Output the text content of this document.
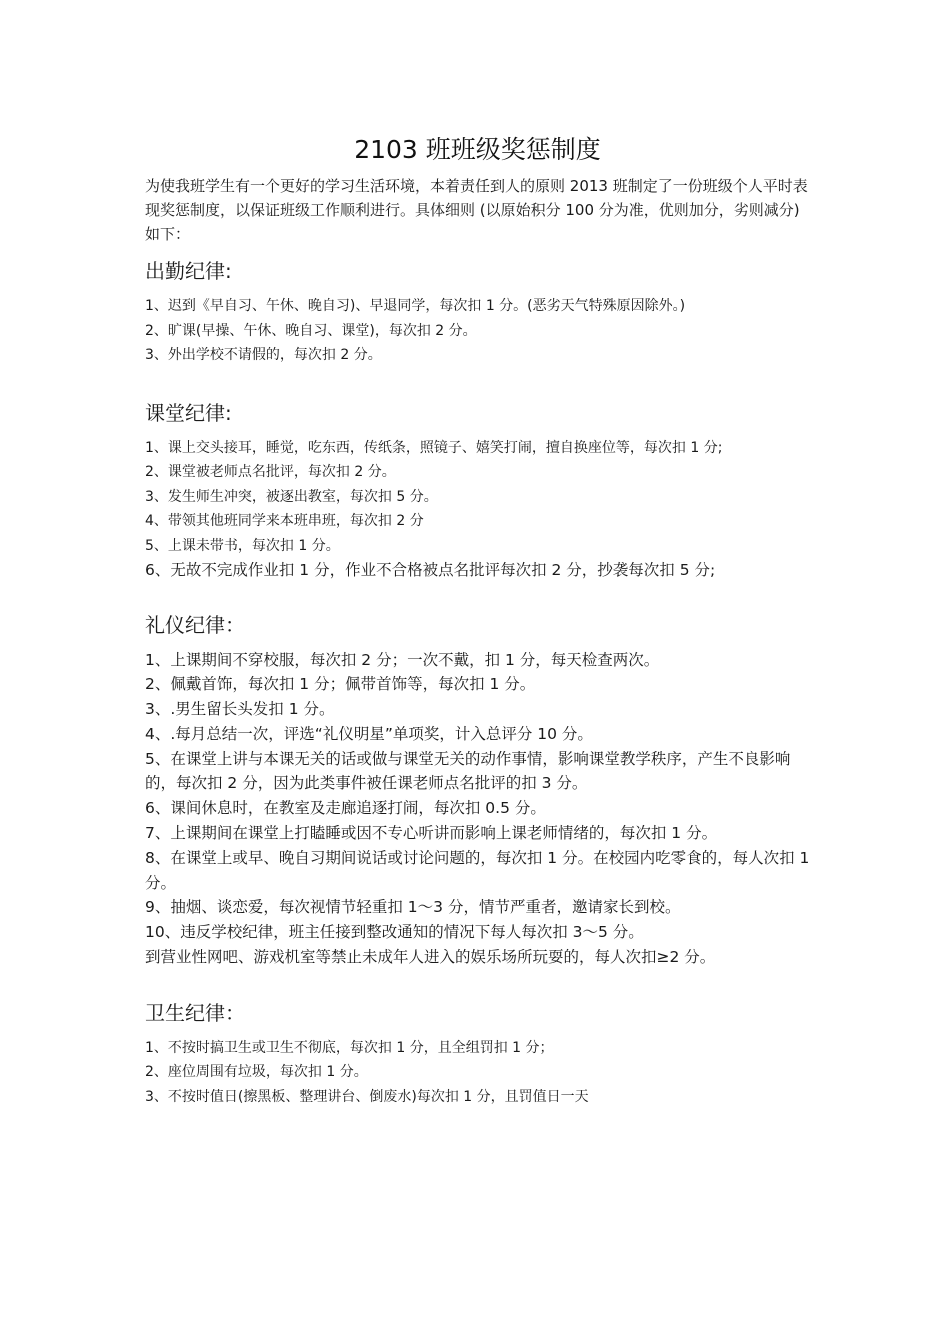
2103 班班级奖惩制度

为使我班学生有一个更好的学习生活环境，本着责任到人的原则 2013 班制定了一份班级个人平时表现奖惩制度，以保证班级工作顺利进行。具体细则 (以原始积分 100 分为准，优则加分，劣则减分)如下：

出勤纪律:
1、迟到《早自习、午休、晚自习)、早退同学，每次扣 1 分。(恶劣天气特殊原因除外。)
2、旷课(早操、午休、晚自习、课堂)，每次扣 2 分。
3、外出学校不请假的，每次扣 2 分。
课堂纪律:
1、课上交头接耳，睡觉，吃东西，传纸条，照镜子、嬉笑打闹，擅自换座位等，每次扣 1 分;
2、课堂被老师点名批评，每次扣 2 分。
3、发生师生冲突，被逐出教室，每次扣 5 分。
4、带领其他班同学来本班串班，每次扣 2 分
5、上课未带书，每次扣 1 分。
6、无故不完成作业扣 1 分，作业不合格被点名批评每次扣 2 分，抄袭每次扣 5 分;
礼仪纪律：
1、上课期间不穿校服，每次扣 2 分；一次不戴，扣 1 分，每天检查两次。
2、佩戴首饰，每次扣 1 分；佩带首饰等，每次扣 1 分。
3、.男生留长头发扣 1 分。
4、.每月总结一次，评选“礼仪明星”单项奖，计入总评分 10 分。
5、在课堂上讲与本课无关的话或做与课堂无关的动作事情，影响课堂教学秩序，产生不良影响的，每次扣 2 分，因为此类事件被任课老师点名批评的扣 3 分。
6、课间休息时，在教室及走廊追逐打闹，每次扣 0.5 分。
7、上课期间在课堂上打瞌睡或因不专心听讲而影响上课老师情绪的，每次扣 1 分。
8、在课堂上或早、晚自习期间说话或讨论问题的，每次扣 1 分。在校园内吃零食的，每人次扣 1 分。
9、抽烟、谈恋爱，每次视情节轻重扣 1～3 分，情节严重者，邀请家长到校。
10、违反学校纪律，班主任接到整改通知的情况下每人每次扣 3～5 分。
到营业性网吧、游戏机室等禁止未成年人进入的娱乐场所玩耍的，每人次扣≥2 分。
卫生纪律：
1、不按时搞卫生或卫生不彻底，每次扣 1 分，且全组罚扣 1 分；
2、座位周围有垃圾，每次扣 1 分。
3、不按时值日(擦黑板、整理讲台、倒废水)每次扣 1 分，且罚值日一天
